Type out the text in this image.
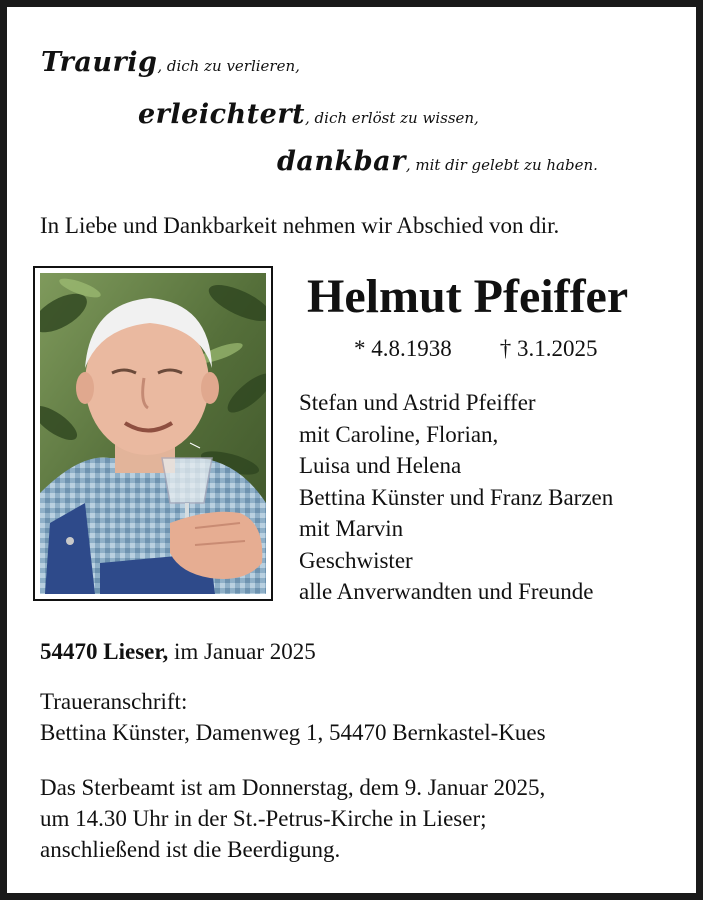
Traurig, dich zu verlieren,
erleichtert, dich erlöst zu wissen,
dankbar, mit dir gelebt zu haben.
In Liebe und Dankbarkeit nehmen wir Abschied von dir.
Helmut Pfeiffer
* 4.8.1938 † 3.1.2025
Stefan und Astrid Pfeiffer
mit Caroline, Florian,
Luisa und Helena
Bettina Künster und Franz Barzen
mit Marvin
Geschwister
alle Anverwandten und Freunde
54470 Lieser, im Januar 2025
Traueranschrift:
Bettina Künster, Damenweg 1, 54470 Bernkastel-Kues
Das Sterbeamt ist am Donnerstag, dem 9. Januar 2025,
um 14.30 Uhr in der St.-Petrus-Kirche in Lieser;
anschließend ist die Beerdigung.
